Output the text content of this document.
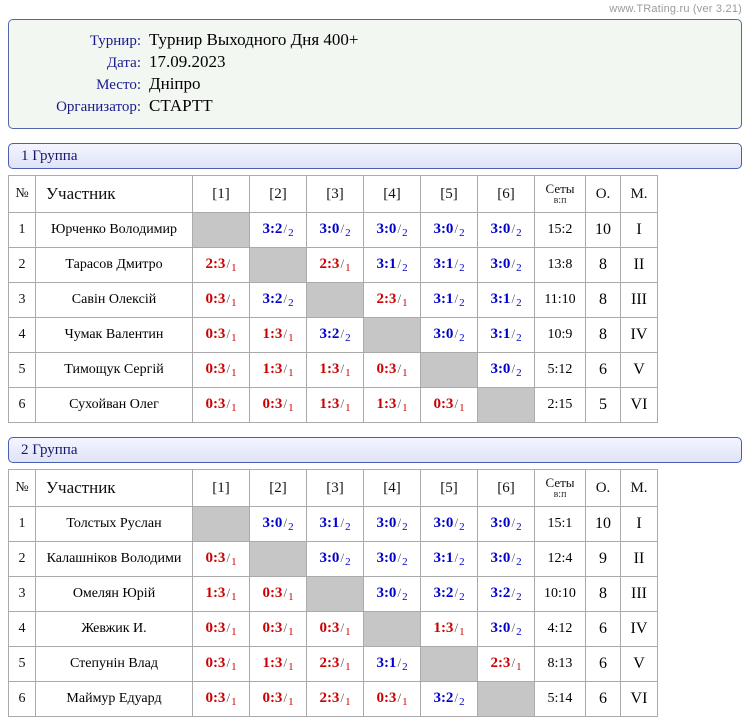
www.TRating.ru (ver 3.21)
Турнир: Турнир Выходного Дня 400+
Дата: 17.09.2023
Место: Дніпро
Организатор: СТАРТТ
1 Группа
№	Участник	[1]	[2]	[3]	[4]	[5]	[6]	Сеты
в:п	О.	М.
1	Юрченко Володимир		$3:2/_2$	$3:0/_2$	$3:0/_2$	$3:0/_2$	$3:0/_2$	15:2	10	I
2	Тарасов Дмитро	$2:3/_1$		$2:3/_1$	$3:1/_2$	$3:1/_2$	$3:0/_2$	13:8	8	II
3	Савін Олексій	$0:3/_1$	$3:2/_2$		$2:3/_1$	$3:1/_2$	$3:1/_2$	11:10	8	III
4	Чумак Валентин	$0:3/_1$	$1:3/_1$	$3:2/_2$		$3:0/_2$	$3:1/_2$	10:9	8	IV
5	Тимощук Сергій	$0:3/_1$	$1:3/_1$	$1:3/_1$	$0:3/_1$		$3:0/_2$	5:12	6	V
6	Сухойван Олег	$0:3/_1$	$0:3/_1$	$1:3/_1$	$1:3/_1$	$0:3/_1$		2:15	5	VI
2 Группа
№	Участник	[1]	[2]	[3]	[4]	[5]	[6]	Сеты
в:п	О.	М.
1	Толстых Руслан		$3:0/_2$	$3:1/_2$	$3:0/_2$	$3:0/_2$	$3:0/_2$	15:1	10	I
2	Калашніков Володими	$0:3/_1$		$3:0/_2$	$3:0/_2$	$3:1/_2$	$3:0/_2$	12:4	9	II
3	Омелян Юрій	$1:3/_1$	$0:3/_1$		$3:0/_2$	$3:2/_2$	$3:2/_2$	10:10	8	III
4	Жевжик И.	$0:3/_1$	$0:3/_1$	$0:3/_1$		$1:3/_1$	$3:0/_2$	4:12	6	IV
5	Степунін Влад	$0:3/_1$	$1:3/_1$	$2:3/_1$	$3:1/_2$		$2:3/_1$	8:13	6	V
6	Маймур Едуард	$0:3/_1$	$0:3/_1$	$2:3/_1$	$0:3/_1$	$3:2/_2$		5:14	6	VI
